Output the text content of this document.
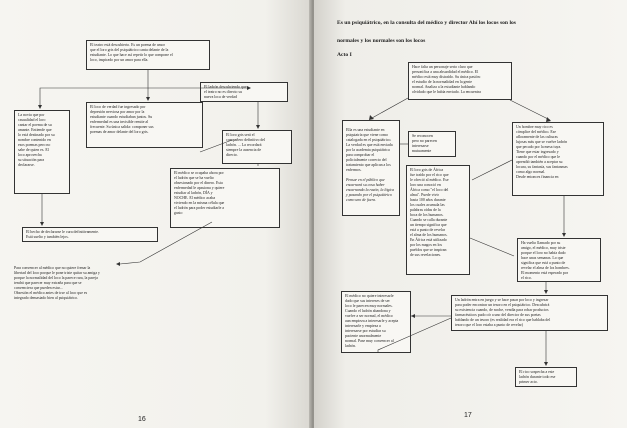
El teatro está descubierto. Es un poema de amor
que el loro gris del psiquiátrico canta delante de la
estudiante. Lo que hace así repetir lo que compone el
loco, inspirado por un amor para ella.
El loco de verdad fue ingresado por
depresión nerviosa por amor por la
estudiante cuando estudiaban juntos. Su
enfermedad es una invisible remite al
frecuente. Su única salida: componer sus
poemas de amor delante del loro gris.
La novia que por
casualidad el loro
cantar el poema de su
amante. Entiende que
lo está destinado por su
nombre contenido en
esos poemas pero no
sabe de quien es. El
loco aprovecha
su situación para
declararse.
El ladrón descubriendo que
el teatro no es directo su
nueva loca de verdad
El loro gris será el
compañero definitivo del
ladrón. ... La recordará
siempre la ausencia de
directo.
El médico se ocupaba ahora por
el ladrón que se ha vuelto
obsesionado por el dinero. Esta
enfermedad le apasiona y quiere
estudiar al ladrón, DÍA y
NOCHE. El médico acaba
viviendo en la misma célula que
el ladrón para poder estudiarle a
gusto
El hecho de declararse le cura definitivamente.
Está suelto y también lejos.
Para convencer al médico que no quiere frenar la
libertad del loco porque le pone triste quitar su amiga y
porque la normalidad del loco la parece rara, la pareja
tendrá que parecer muy extraña para que se
convenciera que pueden estar...
Obsesión el médico antes de irse al loco que es
integrado demasiado bien al psiquiátrico.
16
Es un psiquiátrico, en la consulta del médico y director Ahí los locos son los
normales y los normales son los locos
Acto I
Hace falta un personaje serio claro que
personifica a una absurdidad el médico. El
médico está muy distraído. Su única pasión:
el estudio de la normalidad en la gente
normal. Analiza a la estudiante hablando
olvidado que le había enviado. La encuentra

Ella es una estudiante en
psiquiatría que viene como
catalogada en el psiquiátrico.
La verdad es que está enviada
por la academia psiquiátrica
para comprobar el
policialmente correcto del
tratamiento que aplican a los
enfermos.

Pensar en el público que
encarnará su cosa haber
encarnando la razón, la lógica
y pasando por el psiquiátrico
como uno de fuera.

Se reconocen
pero no parecen
interesarse
mutuamente
Un hombre muy rico es
cómplice del médico. Ese
afloramente de las culturas
lujosas más que se vuelve ladrón
que pecado por la mesa tuya.
Tiene que estar ingresado y
cuando por el médico que le
aprendió también a aceptar su
locura, su fantasía, sus fantasmas
como algo normal.
Desde entonces financia en
El loro gris de África
fue traído por el rico que
le ofreció al médico. Ese
loro una conoció en
África como "el loco del
alma". Puede vivir
hasta 100 años durante
los cuales acumula las
palabras oídas de la
boca de los humanos.
Cuando se calla durante
un tiempo significa que
está a punto de revelar
el alma de los humanos.
En África está utilizado
por los magos en los
pueblos que se inspiran
de sus revelaciones.
Ha vuelto llamado por su
amigo, el médico, muy triste
porque el loro no había dado
hace unas semanas. Lo que
significa que está a punto de
revelar el alma de los hombres.
El momento está esperado por
el rico.
El médico no quiere interesarle
dado que sus intereses de ser
loco le parecen muy normales.
Cuando el ladrón abandona y
vuelve a ser normal, el médico
aun empieza a interesarle y acepta
interesarle y empieza a
interesarse por estudiar su
paciente anormalmente
normal. Pase muy convencer al
ladrón.
Un ladrón entra en juego y se hace pasar por loco y ingresar
para poder encontrar un tesoro en el psiquiátrico. Descubrirá
su existencia cuando, de noche, vendía para robar productos
farmacéuticos pudo oír a uno del director de sus poetas
hablando de un tesoro (es realidad era el rico que hablaba del
tesoro que el loro estaba a punto de revelar)
El rico sospecha a este
ladrón durante todo ese
primer acto.
17
